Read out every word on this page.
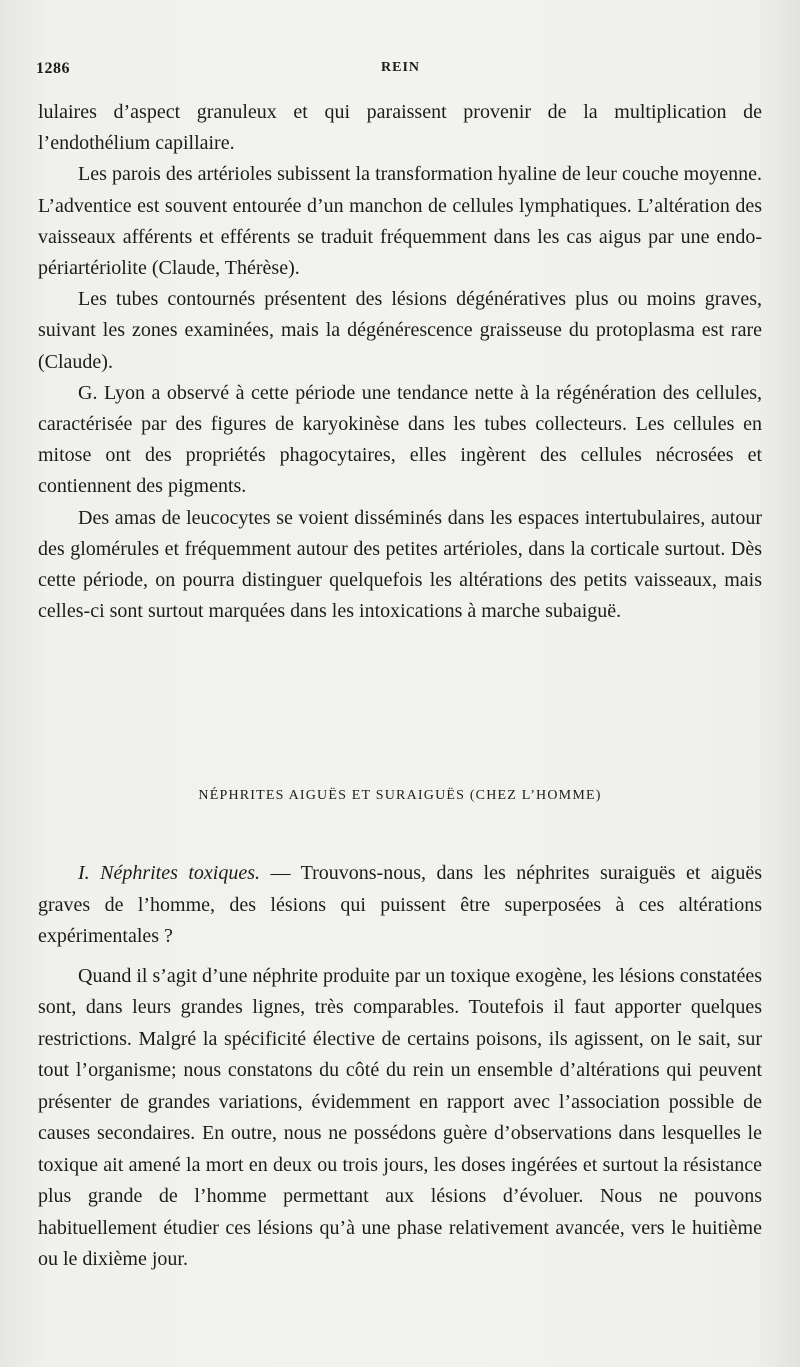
1286	REIN

lulaires d’aspect granuleux et qui paraissent provenir de la multiplication de l’endothélium capillaire.

Les parois des artérioles subissent la transformation hyaline de leur couche moyenne. L’adventice est souvent entourée d’un manchon de cellules lymphatiques. L’altération des vaisseaux afférents et efférents se traduit fréquemment dans les cas aigus par une endo-périartériolite (Claude, Thérèse).

Les tubes contournés présentent des lésions dégénératives plus ou moins graves, suivant les zones examinées, mais la dégénérescence graisseuse du protoplasma est rare (Claude).

G. Lyon a observé à cette période une tendance nette à la régénération des cellules, caractérisée par des figures de karyokinèse dans les tubes collecteurs. Les cellules en mitose ont des propriétés phagocytaires, elles ingèrent des cellules nécrosées et contiennent des pigments.

Des amas de leucocytes se voient disséminés dans les espaces intertubulaires, autour des glomérules et fréquemment autour des petites artérioles, dans la corticale surtout. Dès cette période, on pourra distinguer quelquefois les altérations des petits vaisseaux, mais celles-ci sont surtout marquées dans les intoxications à marche subaiguë.

NÉPHRITES AIGUËS ET SURAIGUËS (CHEZ L’HOMME)

I. Néphrites toxiques. — Trouvons-nous, dans les néphrites suraiguës et aiguës graves de l’homme, des lésions qui puissent être superposées à ces altérations expérimentales ?

Quand il s’agit d’une néphrite produite par un toxique exogène, les lésions constatées sont, dans leurs grandes lignes, très comparables. Toutefois il faut apporter quelques restrictions. Malgré la spécificité élective de certains poisons, ils agissent, on le sait, sur tout l’organisme; nous constatons du côté du rein un ensemble d’altérations qui peuvent présenter de grandes variations, évidemment en rapport avec l’association possible de causes secondaires. En outre, nous ne possédons guère d’observations dans lesquelles le toxique ait amené la mort en deux ou trois jours, les doses ingérées et surtout la résistance plus grande de l’homme permettant aux lésions d’évoluer. Nous ne pouvons habituellement étudier ces lésions qu’à une phase relativement avancée, vers le huitième ou le dixième jour.
